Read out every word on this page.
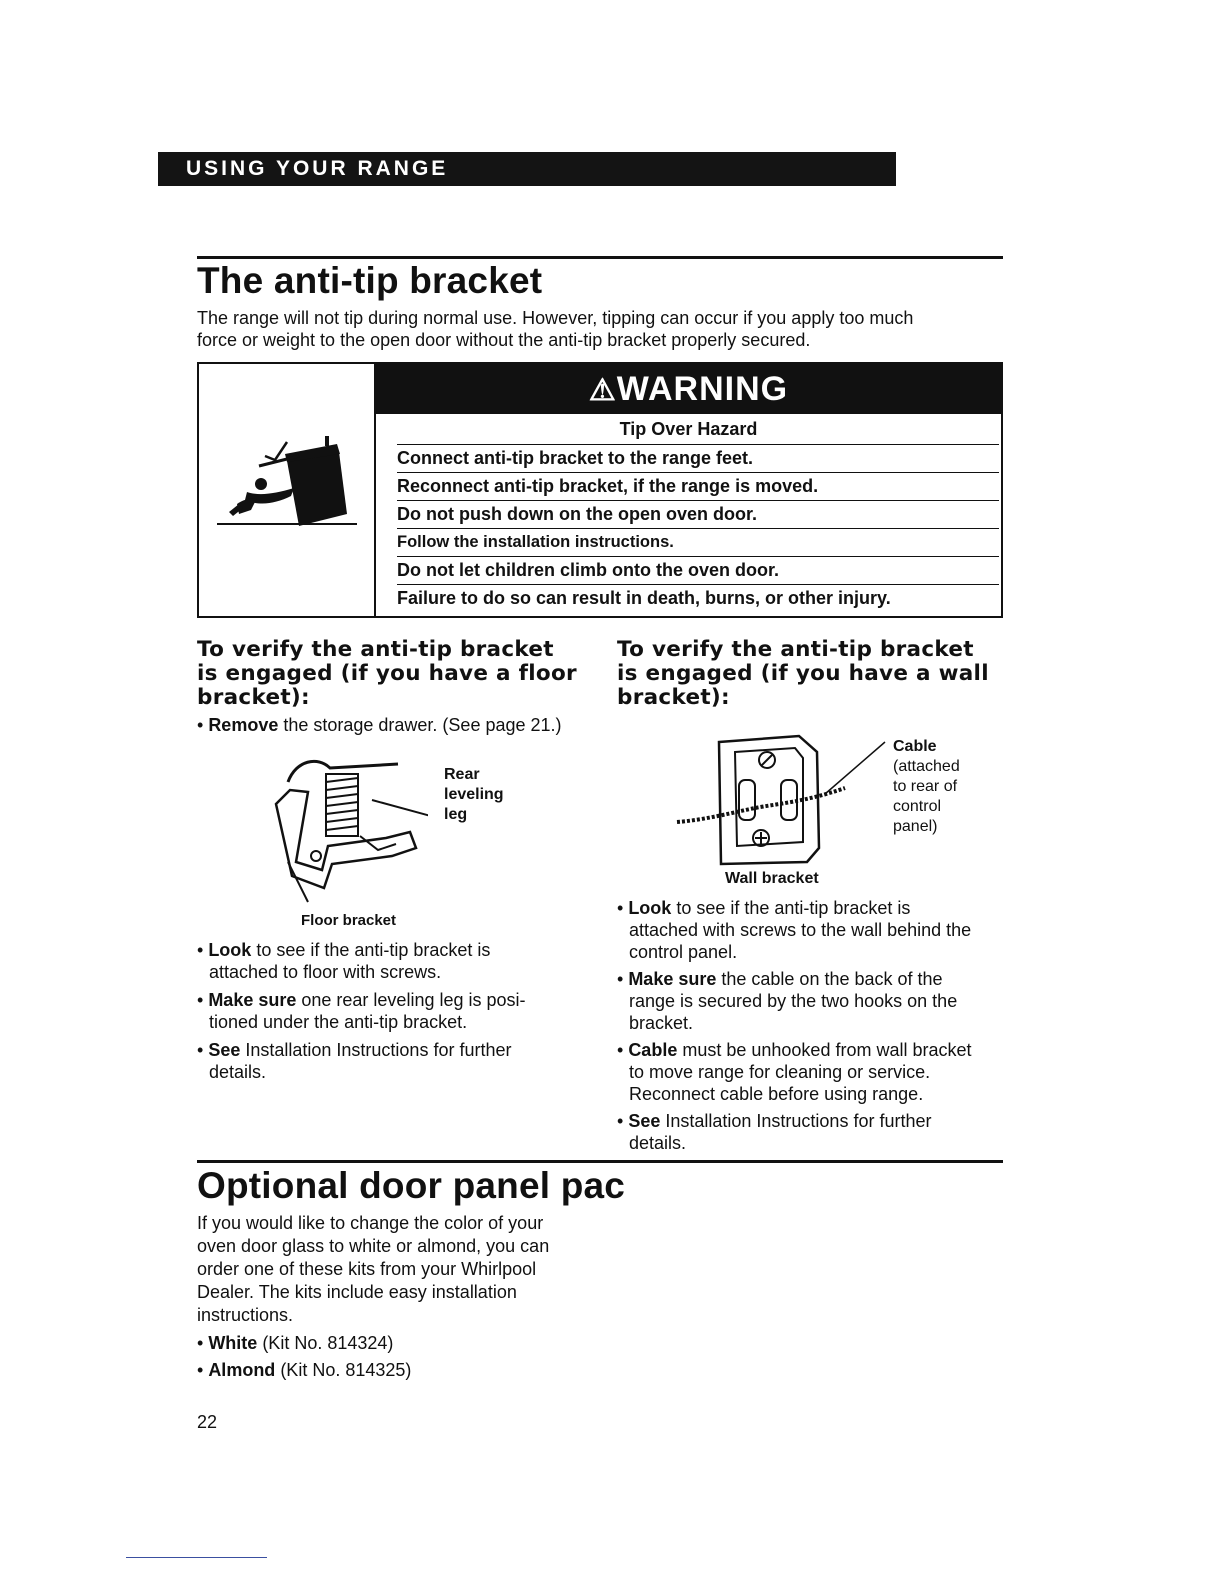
USING YOUR RANGE
The anti-tip bracket

The range will not tip during normal use. However, tipping can occur if you apply too much

force or weight to the open door without the anti-tip bracket properly secured.

⚠WARNING
Tip Over Hazard
Connect anti-tip bracket to the range feet.
Reconnect anti-tip bracket, if the range is moved.
Do not push down on the open oven door.
Follow the installation instructions.
Do not let children climb onto the oven door.
Failure to do so can result in death, burns, or other injury.
To verify the anti-tip bracket
is engaged (if you have a floor
bracket):

• Remove the storage drawer. (See page 21.)

Rear
leveling
leg
Floor bracket

• Look to see if the anti-tip bracket is
attached to floor with screws.

• Make sure one rear leveling leg is posi-
tioned under the anti-tip bracket.

• See Installation Instructions for further
details.

To verify the anti-tip bracket
is engaged (if you have a wall
bracket):
Cable
(attached
to rear of
control
panel)
Wall bracket

• Look to see if the anti-tip bracket is
attached with screws to the wall behind the
control panel.

• Make sure the cable on the back of the
range is secured by the two hooks on the
bracket.

• Cable must be unhooked from wall bracket
to move range for cleaning or service.
Reconnect cable before using range.

• See Installation Instructions for further
details.

Optional door panel pac

If you would like to change the color of your

oven door glass to white or almond, you can

order one of these kits from your Whirlpool

Dealer. The kits include easy installation

instructions.

• White (Kit No. 814324)

• Almond (Kit No. 814325)

22
